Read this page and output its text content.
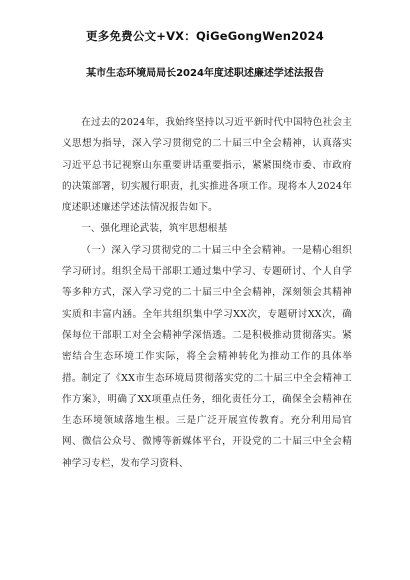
更多免费公文+VX：QiGeGongWen2024
某市生态环境局局长2024年度述职述廉述学述法报告

在过去的2024年，我始终坚持以习近平新时代中国特色社会主义思想为指导，深入学习贯彻党的二十届三中全会精神，认真落实习近平总书记视察山东重要讲话重要指示，紧紧围绕市委、市政府的决策部署，切实履行职责，扎实推进各项工作。现将本人2024年度述职述廉述学述法情况报告如下。

一、强化理论武装，筑牢思想根基

（一）深入学习贯彻党的二十届三中全会精神。一是精心组织学习研讨。组织全局干部职工通过集中学习、专题研讨、个人自学等多种方式，深入学习党的二十届三中全会精神，深刻领会其精神实质和丰富内涵。全年共组织集中学习XX次，专题研讨XX次，确保每位干部职工对全会精神学深悟透。二是积极推动贯彻落实。紧密结合生态环境工作实际，将全会精神转化为推动工作的具体举措。制定了《XX市生态环境局贯彻落实党的二十届三中全会精神工作方案》，明确了XX项重点任务，细化责任分工，确保全会精神在生态环境领域落地生根。三是广泛开展宣传教育。充分利用局官网、微信公众号、微博等新媒体平台，开设党的二十届三中全会精神学习专栏，发布学习资料、
